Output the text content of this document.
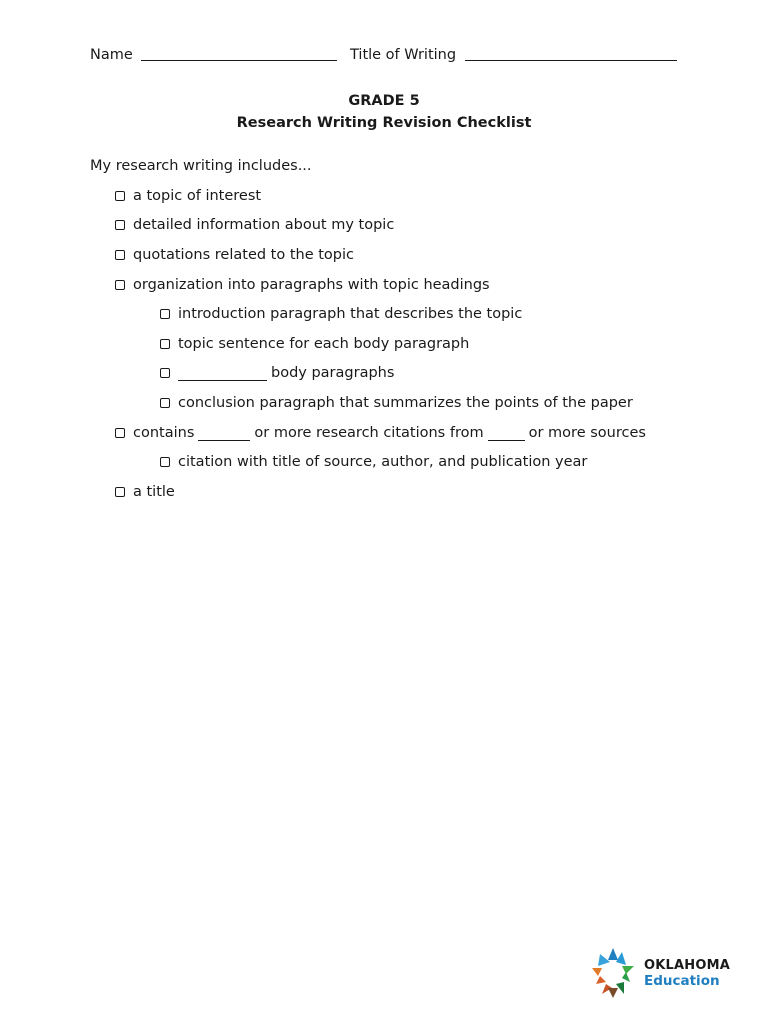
Name	Title of Writing
GRADE 5
Research Writing Revision Checklist
My research writing includes...
a topic of interest
detailed information about my topic
quotations related to the topic
organization into paragraphs with topic headings
introduction paragraph that describes the topic
topic sentence for each body paragraph
body paragraphs
conclusion paragraph that summarizes the points of the paper
contains	or more research citations from	or more sources
citation with title of source, author, and publication year
a title
OKLAHOMA
Education
